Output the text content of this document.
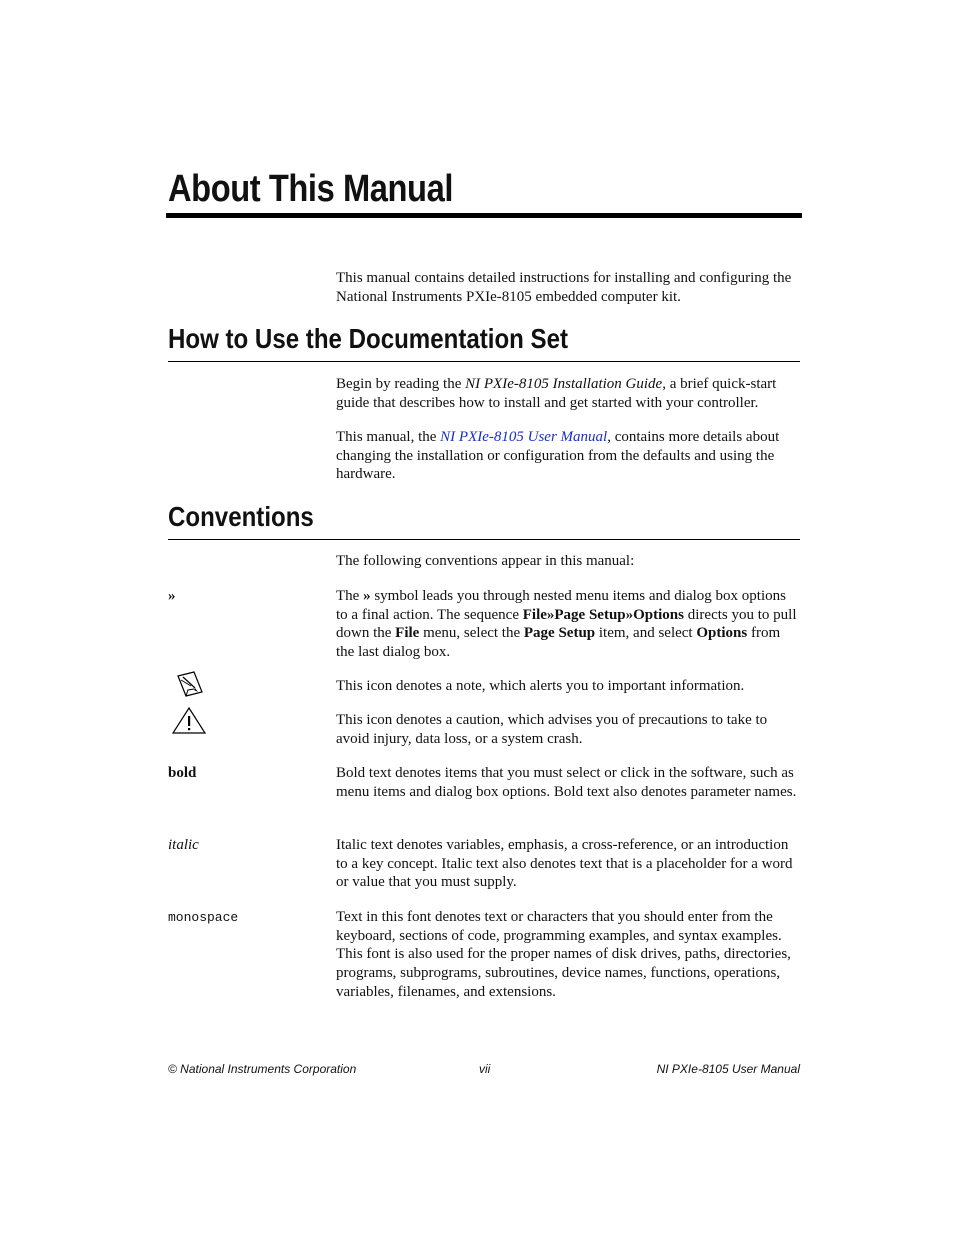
About This Manual

This manual contains detailed instructions for installing and configuring the National Instruments PXIe-8105 embedded computer kit.

How to Use the Documentation Set

Begin by reading the NI PXIe-8105 Installation Guide, a brief quick-start guide that describes how to install and get started with your controller.

This manual, the NI PXIe-8105 User Manual, contains more details about changing the installation or configuration from the defaults and using the hardware.

Conventions

The following conventions appear in this manual:

»	The » symbol leads you through nested menu items and dialog box options to a final action. The sequence File»Page Setup»Options directs you to pull down the File menu, select the Page Setup item, and select Options from the last dialog box.

This icon denotes a note, which alerts you to important information.

This icon denotes a caution, which advises you of precautions to take to avoid injury, data loss, or a system crash.

bold	Bold text denotes items that you must select or click in the software, such as menu items and dialog box options. Bold text also denotes parameter names.

italic	Italic text denotes variables, emphasis, a cross-reference, or an introduction to a key concept. Italic text also denotes text that is a placeholder for a word or value that you must supply.

monospace	Text in this font denotes text or characters that you should enter from the keyboard, sections of code, programming examples, and syntax examples. This font is also used for the proper names of disk drives, paths, directories, programs, subprograms, subroutines, device names, functions, operations, variables, filenames, and extensions.

© National Instruments Corporation	vii	NI PXIe-8105 User Manual
